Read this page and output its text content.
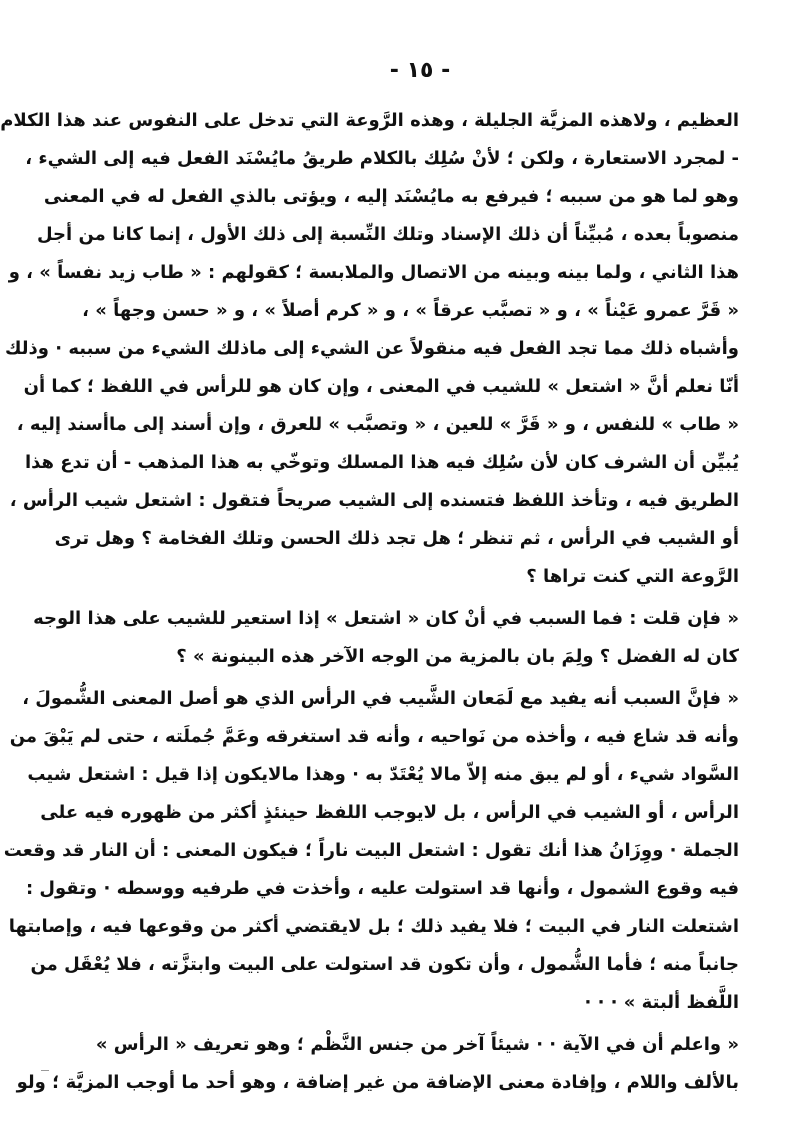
- ١٥ -
العظيم ، ولاهذه المزيَّة الجليلة ، وهذه الرَّوعة التي تدخل على النفوس عند هذا الكلام
- لمجرد الاستعارة ، ولكن ؛ لأنْ سُلِك بالكلام طريقُ مايُسْنَد الفعل فيه إلى الشيء ،
وهو لما هو من سببه ؛ فيرفع به مايُسْنَد إليه ، ويؤتى بالذي الفعل له في المعنى
منصوباً بعده ، مُبيِّناً أن ذلك الإسناد وتلك النِّسبة إلى ذلك الأول ، إنما كانا من أجل
هذا الثاني ، ولما بينه وبينه من الاتصال والملابسة ؛ كقولهم : « طاب زيد نفساً » ، و
« قَرَّ عمرو عَيْناً » ، و « تصبَّب عرقاً » ، و « كرم أصلاً » ، و « حسن وجهاً » ،
وأشباه ذلك مما تجد الفعل فيه منقولاً عن الشيء إلى ماذلك الشيء من سببه · وذلك
أنّا نعلم أنَّ « اشتعل » للشيب في المعنى ، وإن كان هو للرأس في اللفظ ؛ كما أن
« طاب » للنفس ، و « قَرَّ » للعين ، « وتصبَّب » للعرق ، وإن أسند إلى ماأسند إليه ،
يُبيِّن أن الشرف كان لأن سُلِك فيه هذا المسلك وتوخّي به هذا المذهب - أن تدع هذا
الطريق فيه ، وتأخذ اللفظ فتسنده إلى الشيب صريحاً فتقول : اشتعل شيب الرأس ،
أو الشيب في الرأس ، ثم تنظر ؛ هل تجد ذلك الحسن وتلك الفخامة ؟ وهل ترى
الرَّوعة التي كنت تراها ؟
« فإن قلت : فما السبب في أنْ كان « اشتعل » إذا استعير للشيب على هذا الوجه
كان له الفضل ؟ ولِمَ بان بالمزية من الوجه الآخر هذه البينونة » ؟
« فإنَّ السبب أنه يفيد مع لَمَعان الشَّيب في الرأس الذي هو أصل المعنى الشُّمولَ ،
وأنه قد شاع فيه ، وأخذه من نَواحيه ، وأنه قد استغرقه وعَمَّ جُملَته ، حتى لم يَبْقَ من
السَّواد شيء ، أو لم يبق منه إلاّ مالا يُعْتَدّ به · وهذا مالايكون إذا قيل : اشتعل شيب
الرأس ، أو الشيب في الرأس ، بل لايوجب اللفظ حينئذٍ أكثر من ظهوره فيه على
الجملة · ووِزَانُ هذا أنك تقول : اشتعل البيت ناراً ؛ فيكون المعنى : أن النار قد وقعت
فيه وقوع الشمول ، وأنها قد استولت عليه ، وأخذت في طرفيه ووسطه · وتقول :
اشتعلت النار في البيت ؛ فلا يفيد ذلك ؛ بل لايقتضي أكثر من وقوعها فيه ، وإصابتها
جانباً منه ؛ فأما الشُّمول ، وأن تكون قد استولت على البيت وابتزَّته ، فلا يُعْقَل من
اللَّفظ ألبتة » · · ·
« واعلم أن في الآية · · شيئاً آخر من جنس النَّظْم ؛ وهو تعريف « الرأس »
بالألف واللام ، وإفادة معنى الإضافة من غير إضافة ، وهو أحد ما أوجب المزيَّة ؛ ولو
